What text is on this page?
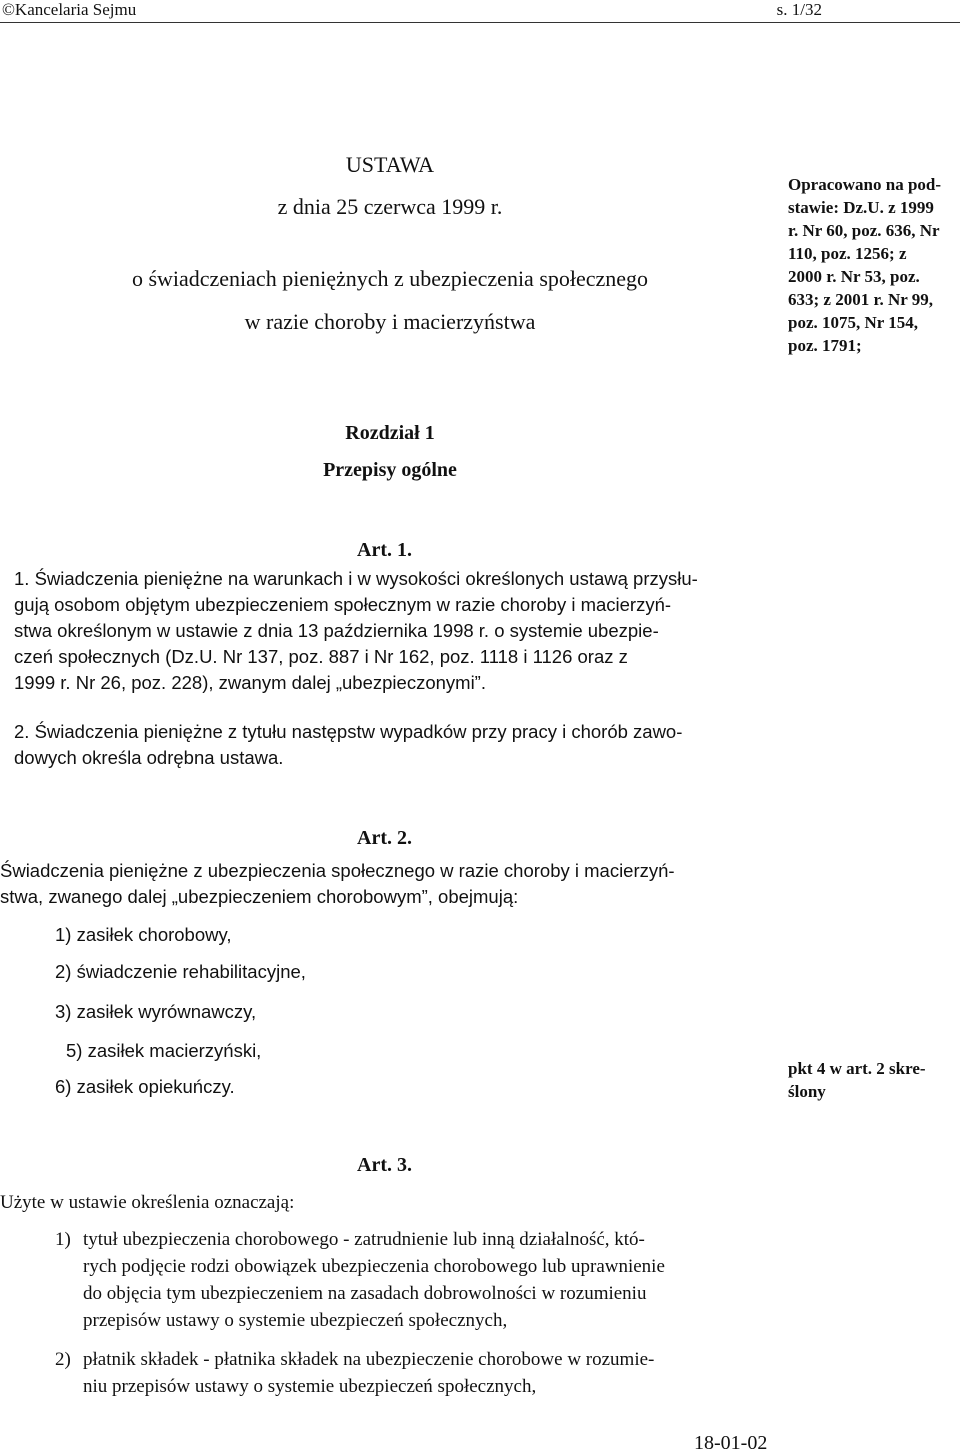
©Kancelaria Sejmu	s. 1/32
USTAWA
z dnia 25 czerwca 1999 r.
o świadczeniach pieniężnych z ubezpieczenia społecznego
w razie choroby i macierzyństwa
Opracowano na pod-
stawie: Dz.U. z 1999
r. Nr 60, poz. 636, Nr
110, poz. 1256; z
2000 r. Nr 53, poz.
633; z 2001 r. Nr 99,
poz. 1075, Nr 154,
poz. 1791;
Rozdział 1
Przepisy ogólne
Art. 1.
1. Świadczenia pieniężne na warunkach i w wysokości określonych ustawą przysłu-
gują osobom objętym ubezpieczeniem społecznym w razie choroby i macierzyń-
stwa określonym w ustawie z dnia 13 października 1998 r. o systemie ubezpie-
czeń społecznych (Dz.U. Nr 137, poz. 887 i Nr 162, poz. 1118 i 1126 oraz z
1999 r. Nr 26, poz. 228), zwanym dalej „ubezpieczonymi”.
2. Świadczenia pieniężne z tytułu następstw wypadków przy pracy i chorób zawo-
dowych określa odrębna ustawa.
Art. 2.
Świadczenia pieniężne z ubezpieczenia społecznego w razie choroby i macierzyń-
stwa, zwanego dalej „ubezpieczeniem chorobowym”, obejmują:
1) zasiłek chorobowy,
2) świadczenie rehabilitacyjne,
3) zasiłek wyrównawczy,
5) zasiłek macierzyński,
6) zasiłek opiekuńczy.
pkt 4 w art. 2 skre-
ślony
Art. 3.
Użyte w ustawie określenia oznaczają:
1) tytuł ubezpieczenia chorobowego - zatrudnienie lub inną działalność, któ-
rych podjęcie rodzi obowiązek ubezpieczenia chorobowego lub uprawnienie
do objęcia tym ubezpieczeniem na zasadach dobrowolności w rozumieniu
przepisów ustawy o systemie ubezpieczeń społecznych,
2) płatnik składek - płatnika składek na ubezpieczenie chorobowe w rozumie-
niu przepisów ustawy o systemie ubezpieczeń społecznych,
18-01-02
